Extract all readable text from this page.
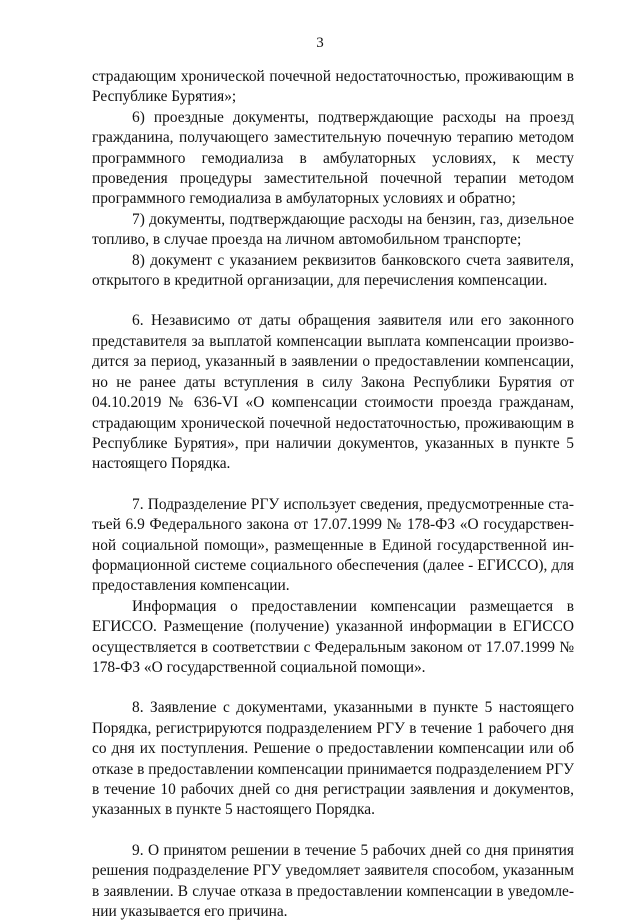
3

страдающим хронической почечной недостаточностью, проживающим в Республике Бурятия»;

6) проездные документы, подтверждающие расходы на проезд гражданина, получающего заместительную почечную терапию методом программного гемодиализа в амбулаторных условиях, к месту проведения процедуры заместительной почечной терапии методом программного гемодиализа в амбулаторных условиях и обратно;

7) документы, подтверждающие расходы на бензин, газ, дизельное топливо, в случае проезда на личном автомобильном транспорте;

8) документ с указанием реквизитов банковского счета заявителя, открытого в кредитной организации, для перечисления компенсации.

6. Независимо от даты обращения заявителя или его законного представителя за выплатой компенсации выплата компенсации производится за период, указанный в заявлении о предоставлении компенсации, но не ранее даты вступления в силу Закона Республики Бурятия от 04.10.2019 № 636-VI «О компенсации стоимости проезда гражданам, страдающим хронической почечной недостаточностью, проживающим в Республике Бурятия», при наличии документов, указанных в пункте 5 настоящего Порядка.

7. Подразделение РГУ использует сведения, предусмотренные статьей 6.9 Федерального закона от 17.07.1999 № 178-ФЗ «О государственной социальной помощи», размещенные в Единой государственной информационной системе социального обеспечения (далее - ЕГИССО), для предоставления компенсации.

Информация о предоставлении компенсации размещается в ЕГИССО. Размещение (получение) указанной информации в ЕГИССО осуществляется в соответствии с Федеральным законом от 17.07.1999 № 178-ФЗ «О государственной социальной помощи».

8. Заявление с документами, указанными в пункте 5 настоящего Порядка, регистрируются подразделением РГУ в течение 1 рабочего дня со дня их поступления. Решение о предоставлении компенсации или об отказе в предоставлении компенсации принимается подразделением РГУ в течение 10 рабочих дней со дня регистрации заявления и документов, указанных в пункте 5 настоящего Порядка.

9. О принятом решении в течение 5 рабочих дней со дня принятия решения подразделение РГУ уведомляет заявителя способом, указанным в заявлении. В случае отказа в предоставлении компенсации в уведомлении указывается его причина.
